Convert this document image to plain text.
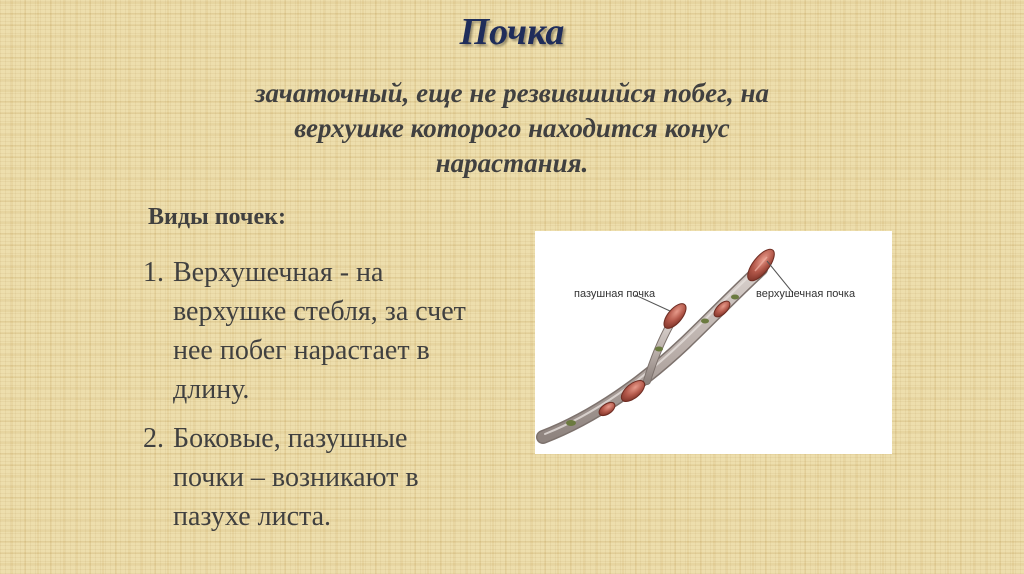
Почка
зачаточный, еще не резвившийся побег, на
верхушке которого находится конус
нарастания.
Виды почек:
1. Верхушечная - на
верхушке стебля, за счет
нее побег нарастает в
длину.
2. Боковые, пазушные
почки – возникают в
пазухе листа.
пазушная почка	верхушечная почка
